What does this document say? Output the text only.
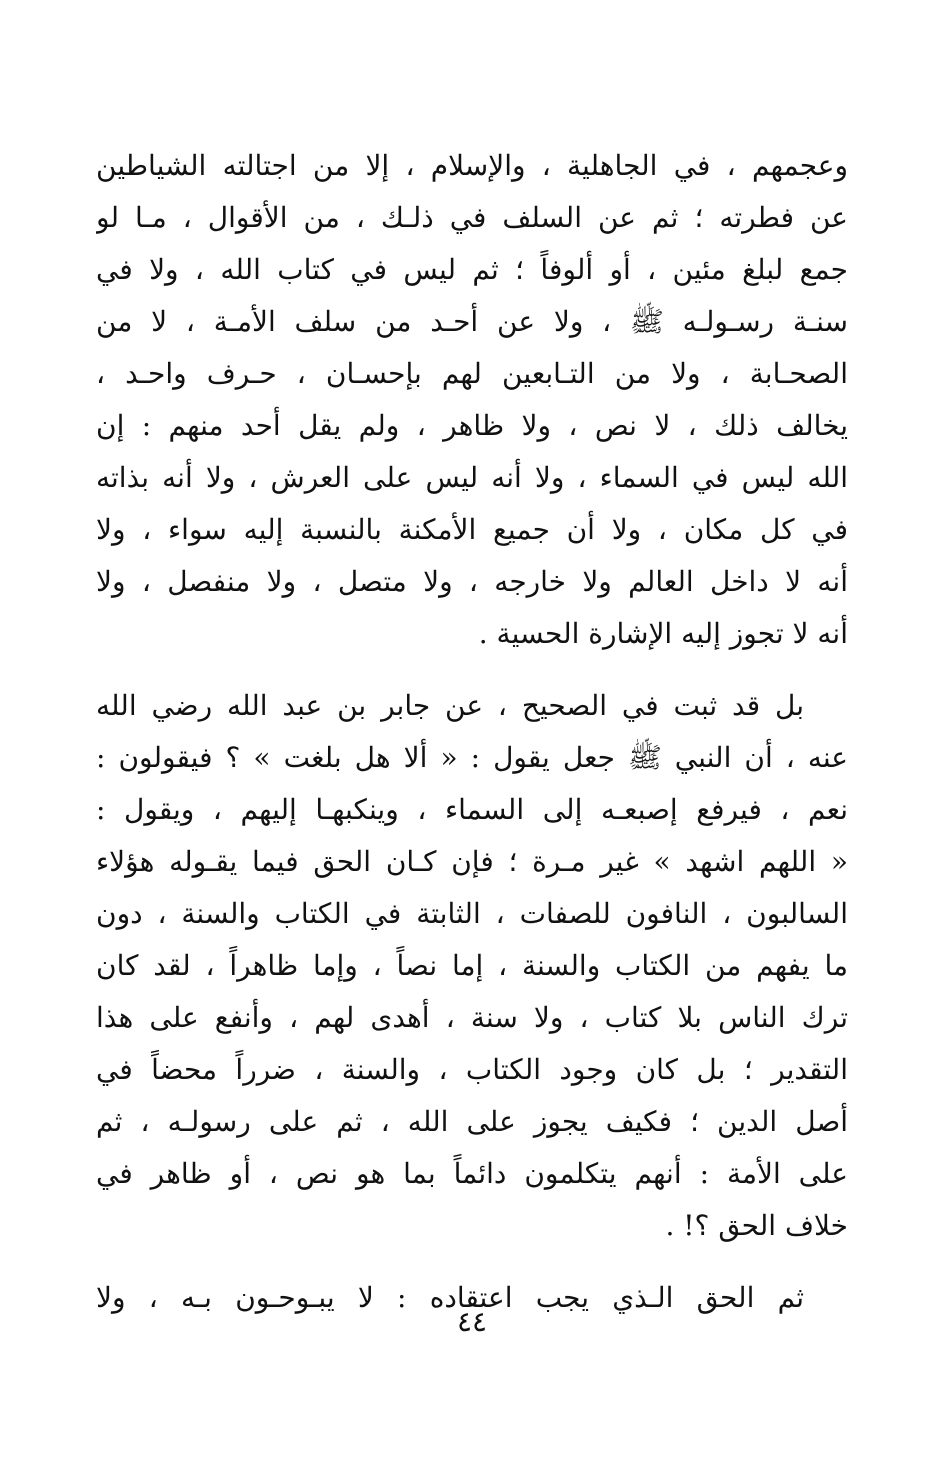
وعجمهم ، في الجاهلية ، والإسلام ، إلا من اجتالته الشياطين
عن فطرته ؛ ثم عن السلف في ذلـك ، من الأقوال ، مـا لو
جمع لبلغ مئين ، أو ألوفاً ؛ ثم ليس في كتاب الله ، ولا في
سنـة رسـولـه ﷺ ، ولا عن أحـد من سلف الأمـة ، لا من
الصحـابة ، ولا من التـابعين لهم بإحسـان ، حـرف واحـد ،
يخالف ذلك ، لا نص ، ولا ظاهر ، ولم يقل أحد منهم : إن
الله ليس في السماء ، ولا أنه ليس على العرش ، ولا أنه بذاته
في كل مكان ، ولا أن جميع الأمكنة بالنسبة إليه سواء ، ولا
أنه لا داخل العالم ولا خارجه ، ولا متصل ، ولا منفصل ، ولا
أنه لا تجوز إليه الإشارة الحسية .
بل قد ثبت في الصحيح ، عن جابر بن عبد الله رضي الله
عنه ، أن النبي ﷺ جعل يقول : « ألا هل بلغت » ؟ فيقولون :
نعم ، فيرفع إصبعـه إلى السماء ، وينكبهـا إليهم ، ويقول :
« اللهم اشهد » غير مـرة ؛ فإن كـان الحق فيما يقـوله هؤلاء
السالبون ، النافون للصفات ، الثابتة في الكتاب والسنة ، دون
ما يفهم من الكتاب والسنة ، إما نصاً ، وإما ظاهراً ، لقد كان
ترك الناس بلا كتاب ، ولا سنة ، أهدى لهم ، وأنفع على هذا
التقدير ؛ بل كان وجود الكتاب ، والسنة ، ضرراً محضاً في
أصل الدين ؛ فكيف يجوز على الله ، ثم على رسولـه ، ثم
على الأمة : أنهم يتكلمون دائماً بما هو نص ، أو ظاهر في
خلاف الحق ؟! .
ثم الحق الـذي يجب اعتقاده : لا يبـوحـون بـه ، ولا
٤٤
